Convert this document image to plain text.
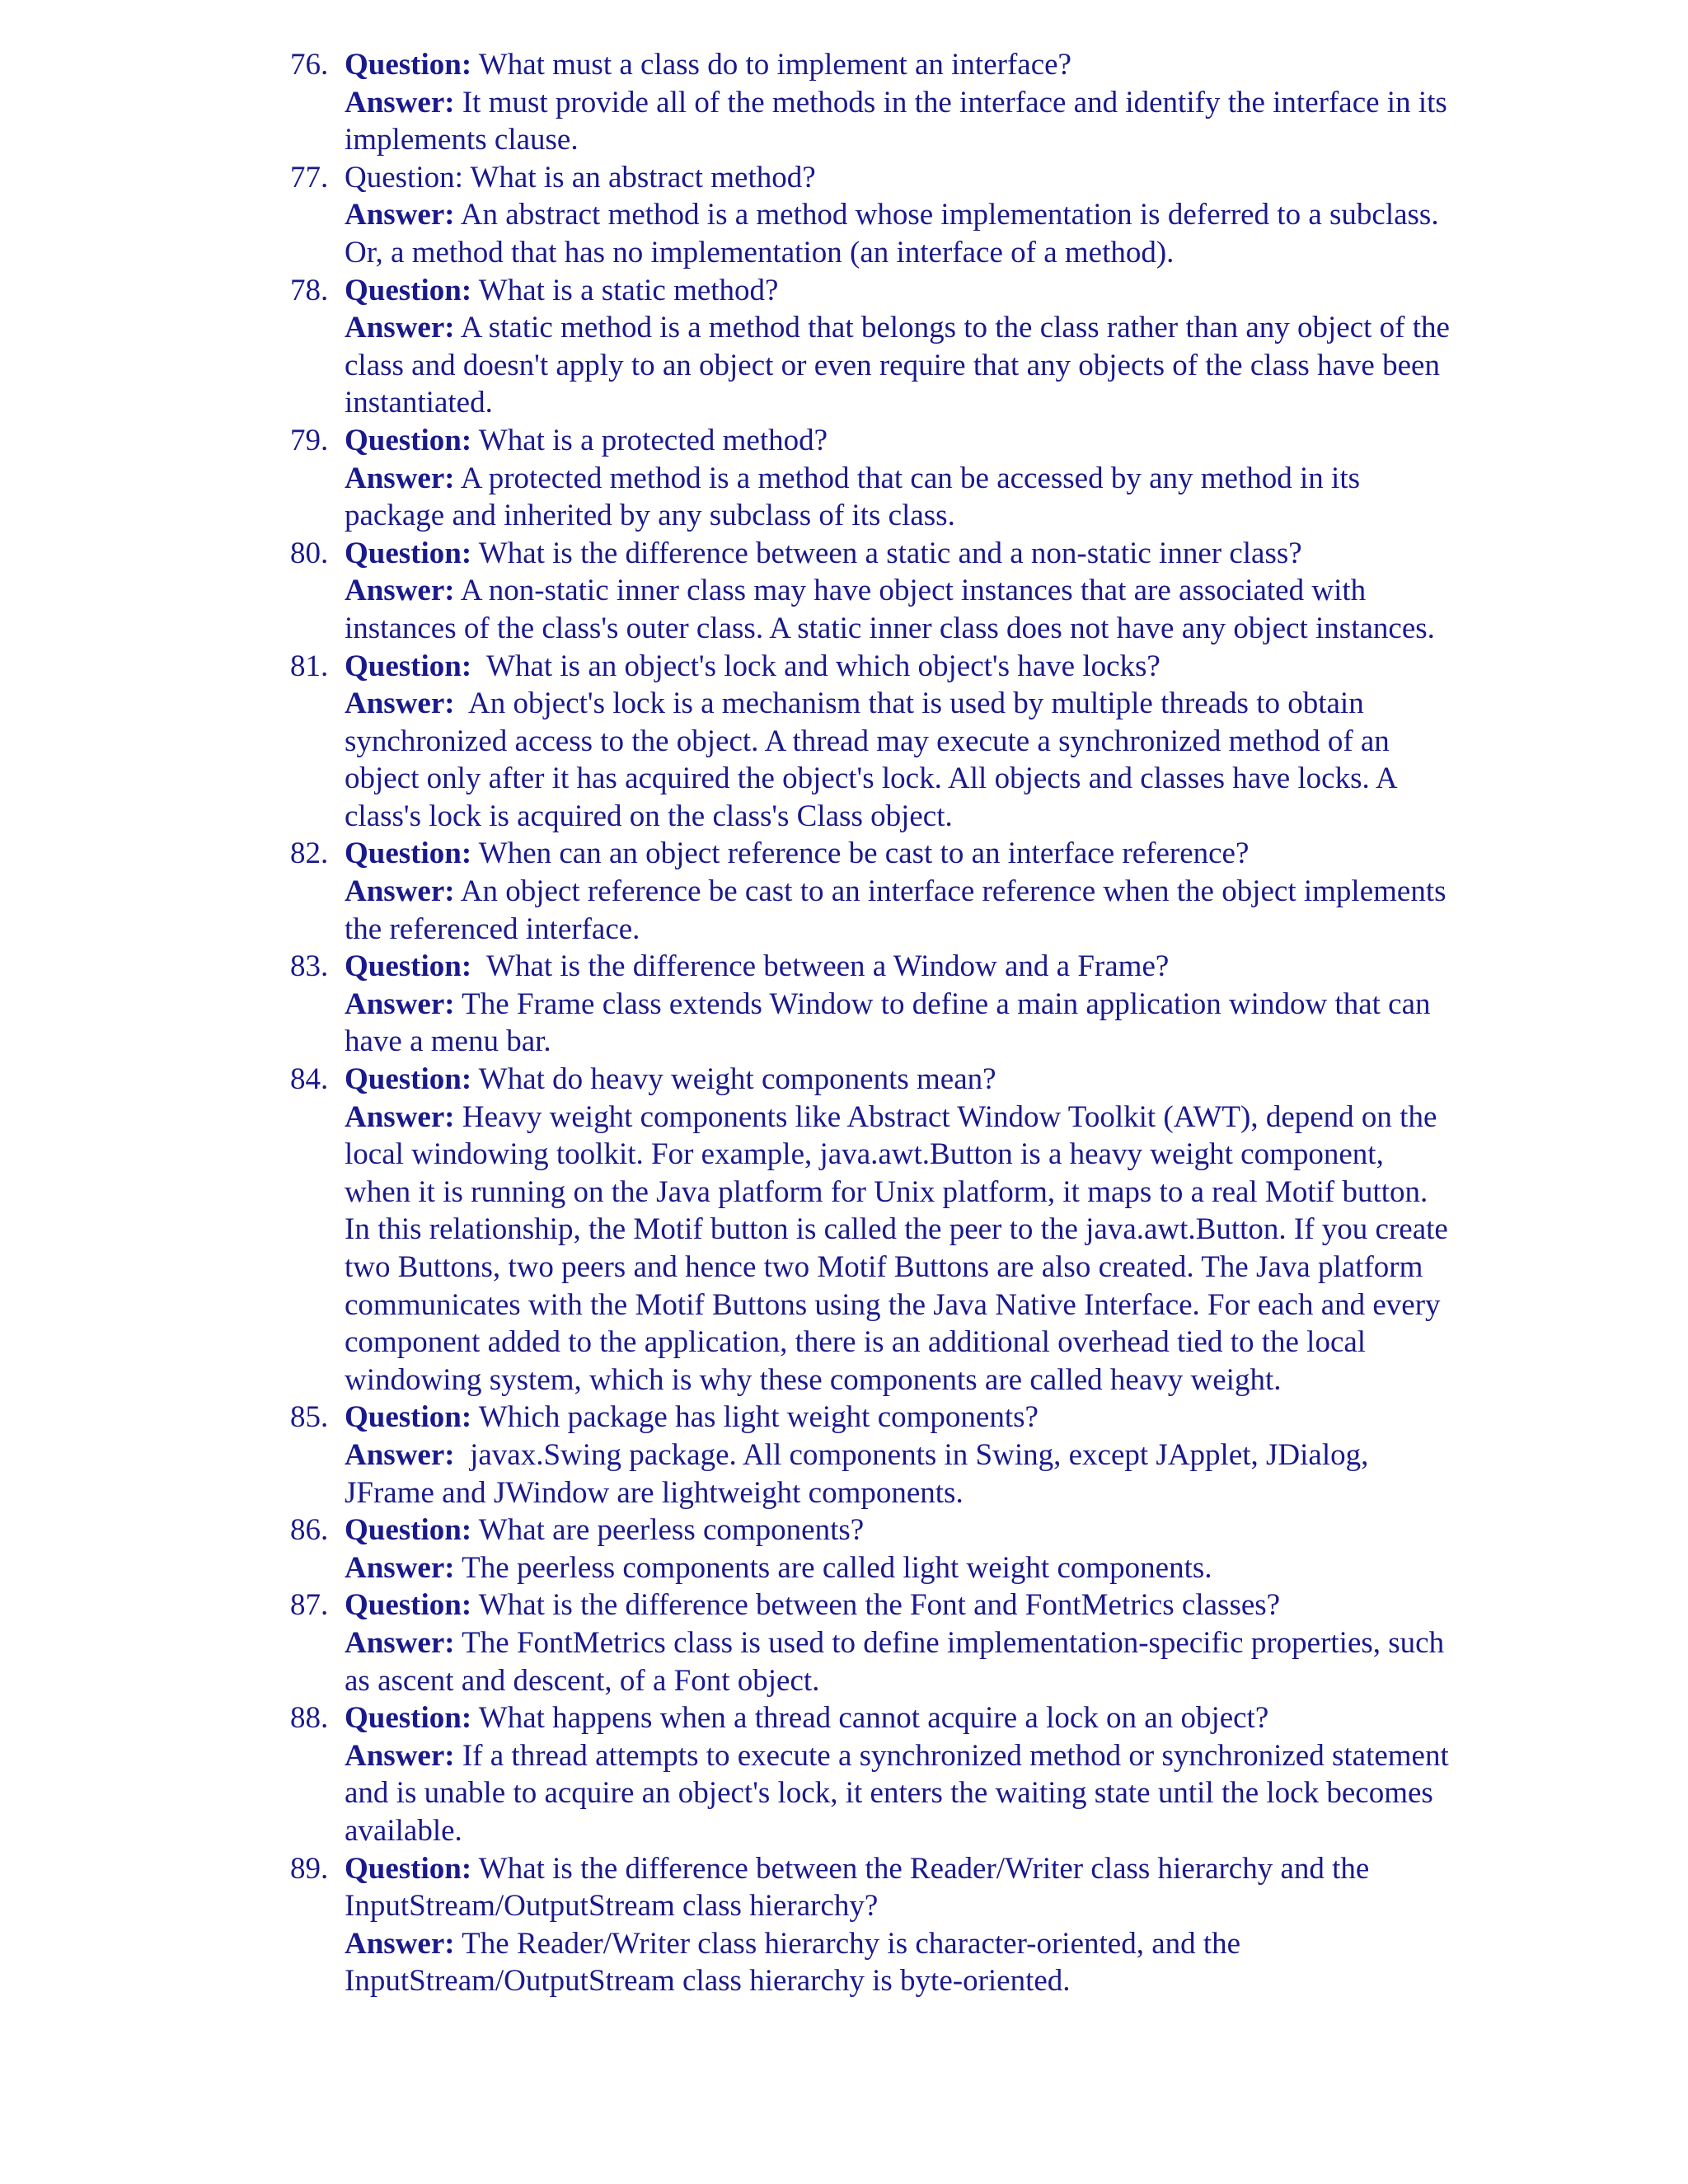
76. Question: What must a class do to implement an interface?
Answer: It must provide all of the methods in the interface and identify the interface in its implements clause.
77. Question: What is an abstract method?
Answer: An abstract method is a method whose implementation is deferred to a subclass. Or, a method that has no implementation (an interface of a method).
78. Question: What is a static method?
Answer: A static method is a method that belongs to the class rather than any object of the class and doesn't apply to an object or even require that any objects of the class have been instantiated.
79. Question: What is a protected method?
Answer: A protected method is a method that can be accessed by any method in its package and inherited by any subclass of its class.
80. Question: What is the difference between a static and a non-static inner class?
Answer: A non-static inner class may have object instances that are associated with instances of the class's outer class. A static inner class does not have any object instances.
81. Question:  What is an object's lock and which object's have locks?
Answer:  An object's lock is a mechanism that is used by multiple threads to obtain synchronized access to the object. A thread may execute a synchronized method of an object only after it has acquired the object's lock. All objects and classes have locks. A class's lock is acquired on the class's Class object.
82. Question: When can an object reference be cast to an interface reference?
Answer: An object reference be cast to an interface reference when the object implements the referenced interface.
83. Question:  What is the difference between a Window and a Frame?
Answer: The Frame class extends Window to define a main application window that can have a menu bar.
84. Question: What do heavy weight components mean?
Answer: Heavy weight components like Abstract Window Toolkit (AWT), depend on the local windowing toolkit. For example, java.awt.Button is a heavy weight component, when it is running on the Java platform for Unix platform, it maps to a real Motif button. In this relationship, the Motif button is called the peer to the java.awt.Button. If you create two Buttons, two peers and hence two Motif Buttons are also created. The Java platform communicates with the Motif Buttons using the Java Native Interface. For each and every component added to the application, there is an additional overhead tied to the local windowing system, which is why these components are called heavy weight.
85. Question: Which package has light weight components?
Answer:  javax.Swing package. All components in Swing, except JApplet, JDialog, JFrame and JWindow are lightweight components.
86. Question: What are peerless components?
Answer: The peerless components are called light weight components.
87. Question: What is the difference between the Font and FontMetrics classes?
Answer: The FontMetrics class is used to define implementation-specific properties, such as ascent and descent, of a Font object.
88. Question: What happens when a thread cannot acquire a lock on an object?
Answer: If a thread attempts to execute a synchronized method or synchronized statement and is unable to acquire an object's lock, it enters the waiting state until the lock becomes available.
89. Question: What is the difference between the Reader/Writer class hierarchy and the InputStream/OutputStream class hierarchy?
Answer: The Reader/Writer class hierarchy is character-oriented, and the InputStream/OutputStream class hierarchy is byte-oriented.
